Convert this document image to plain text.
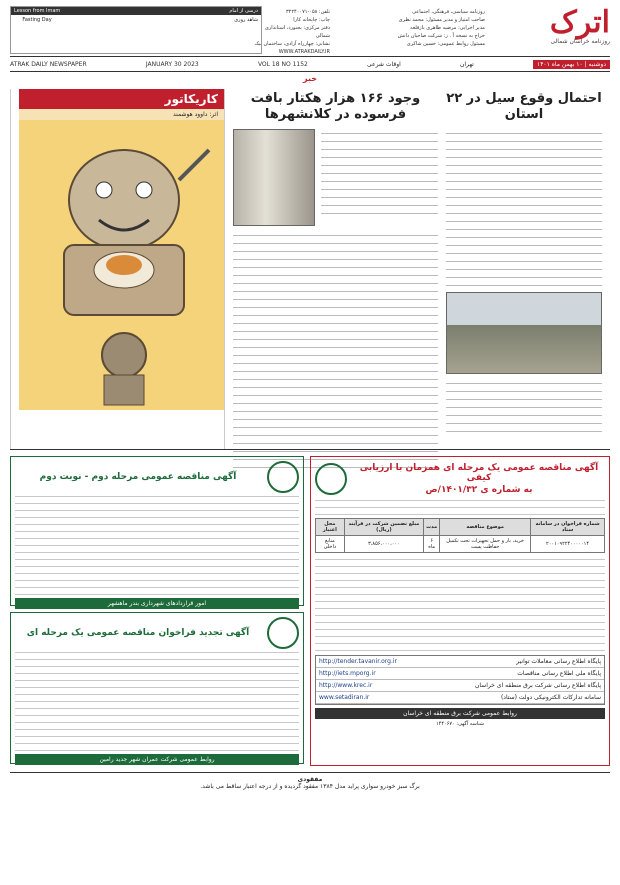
اترک
روزنامه خراسان شمالی
روزنامه سیاسی، فرهنگی، اجتماعی
صاحب امتیاز و مدیر مسئول: محمد نظری
مدیر اجرایی: مرضیه طاهری بازقلعه
خراج به نسخه آ . ز: شرکت صاحبان دانش
مسئول روابط عمومی: حسین شاکری
تلفن: ۰۵۸-۳۲۲۴۰۰۷۱
چاپ: چاپخانه کارا
دفتر مرکزی: بجنورد، استانداری شمالی
نشانی: چهارراه آزادی، ساختمان نیک
WWW.ATRAKDAILY.IR
درسی از امام
Lesson from Imam
شاهد روزی

Fasting Day
دوشنبه | ۱۰ بهمن ماه ۱۴۰۱
تهران
اوقات شرعی
VOL 18 NO 1152
JANUARY 30 2023
ATRAK DAILY NEWSPAPER
خبر
احتمال وقوع سیل در ۲۲ استان

وجود ۱۶۶ هزار هکتار بافت فرسوده در کلانشهرها

کاریکاتور
اثر: داوود هوشمند
آگهی مناقصه عمومی یک مرحله ای همزمان با ارزیابی کیفی
به شماره ی ۱۴۰۱/۳۲/ص

شماره فراخوان در سامانه ستاد	موضوع مناقصه	مدت	مبلغ تضمین شرکت در فرآیند (ریال)	محل اعتبار
۲۰۰۱۰۹۲۲۴۰۰۰۰۰۱۴	خرید، بار و حمل تجهیزات تحت تکمیل حفاظت پست	۶ ماه	۳،۸۵۶،۰۰۰،۰۰۰	منابع داخلی

پایگاه اطلاع رسانی معاملات توانیر
http://tender.tavanir.org.ir
پایگاه ملی اطلاع رسانی مناقصات
http://iets.mporg.ir
پایگاه اطلاع رسانی شرکت برق منطقه ای خراسان
http://www.krec.ir
سامانه تدارکات الکترونیکی دولت (ستاد)
www.setadiran.ir
روابط عمومی شرکت برق منطقه ای خراسان
شناسه آگهی: ۱۴۴۰۶۷۰
آگهی مناقصه عمومی مرحله دوم - نوبت دوم

امور قراردادهای شهرداری بندر ماهشهر
آگهی تجدید فراخوان مناقصه عمومی یک مرحله ای

روابط عمومی شرکت عمران شهر جدید رامین
مفقودی
برگ سبز خودرو سواری پراید مدل ۱۳۸۴ مفقود گردیده و از درجه اعتبار ساقط می باشد.
